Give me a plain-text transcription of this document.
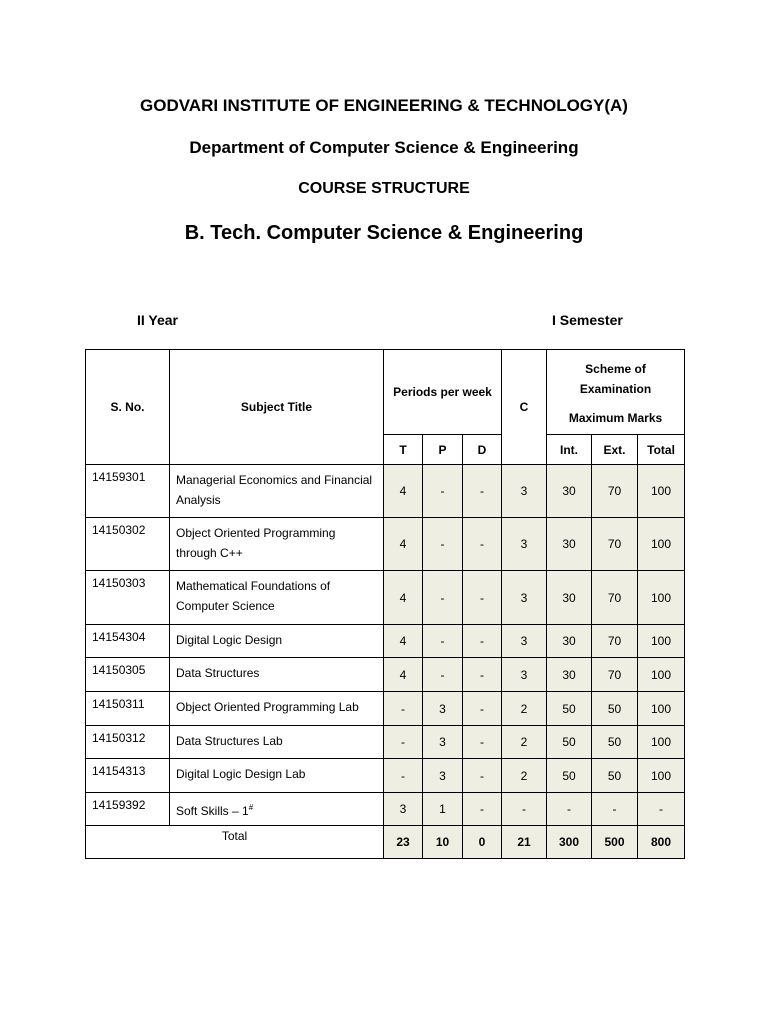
GODVARI INSTITUTE OF ENGINEERING & TECHNOLOGY(A)
Department of Computer Science & Engineering
COURSE STRUCTURE
B. Tech. Computer Science & Engineering
II Year	I Semester
S. No.	Subject Title	Periods per week			C	Scheme of
Examination
Maximum Marks		

		T	P	D		Int.	Ext.	Total
14159301	Managerial Economics and Financial Analysis	4	-	-	3	30	70	100
14150302	Object Oriented Programming through C++	4	-	-	3	30	70	100
14150303	Mathematical Foundations of Computer Science	4	-	-	3	30	70	100
14154304	Digital Logic Design	4	-	-	3	30	70	100
14150305	Data Structures	4	-	-	3	30	70	100
14150311	Object Oriented Programming Lab	-	3	-	2	50	50	100
14150312	Data Structures Lab	-	3	-	2	50	50	100
14154313	Digital Logic Design Lab	-	3	-	2	50	50	100
14159392	Soft Skills – 1#	3	1	-	-	-	-	-
Total		23	10	0	21	300	500	800
